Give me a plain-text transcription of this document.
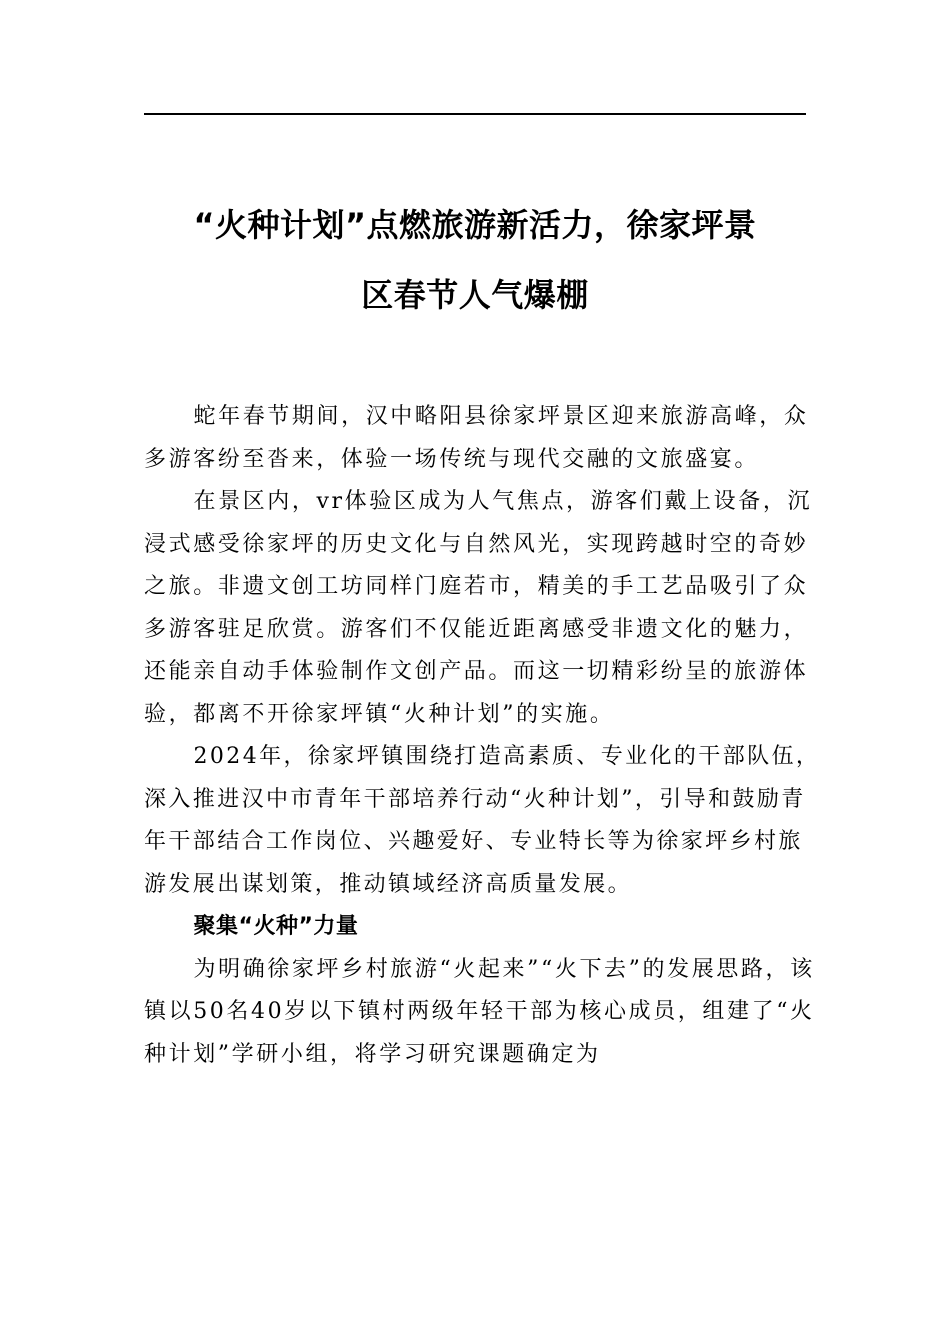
“火种计划”点燃旅游新活力，徐家坪景
区春节人气爆棚

蛇年春节期间，汉中略阳县徐家坪景区迎来旅游高峰，众多游客纷至沓来，体验一场传统与现代交融的文旅盛宴。

在景区内，vr体验区成为人气焦点，游客们戴上设备，沉浸式感受徐家坪的历史文化与自然风光，实现跨越时空的奇妙之旅。非遗文创工坊同样门庭若市，精美的手工艺品吸引了众多游客驻足欣赏。游客们不仅能近距离感受非遗文化的魅力，还能亲自动手体验制作文创产品。而这一切精彩纷呈的旅游体验，都离不开徐家坪镇“火种计划”的实施。

2024年，徐家坪镇围绕打造高素质、专业化的干部队伍，深入推进汉中市青年干部培养行动“火种计划”，引导和鼓励青年干部结合工作岗位、兴趣爱好、专业特长等为徐家坪乡村旅游发展出谋划策，推动镇域经济高质量发展。

聚集“火种”力量

为明确徐家坪乡村旅游“火起来”“火下去”的发展思路，该镇以50名40岁以下镇村两级年轻干部为核心成员，组建了“火种计划”学研小组，将学习研究课题确定为
